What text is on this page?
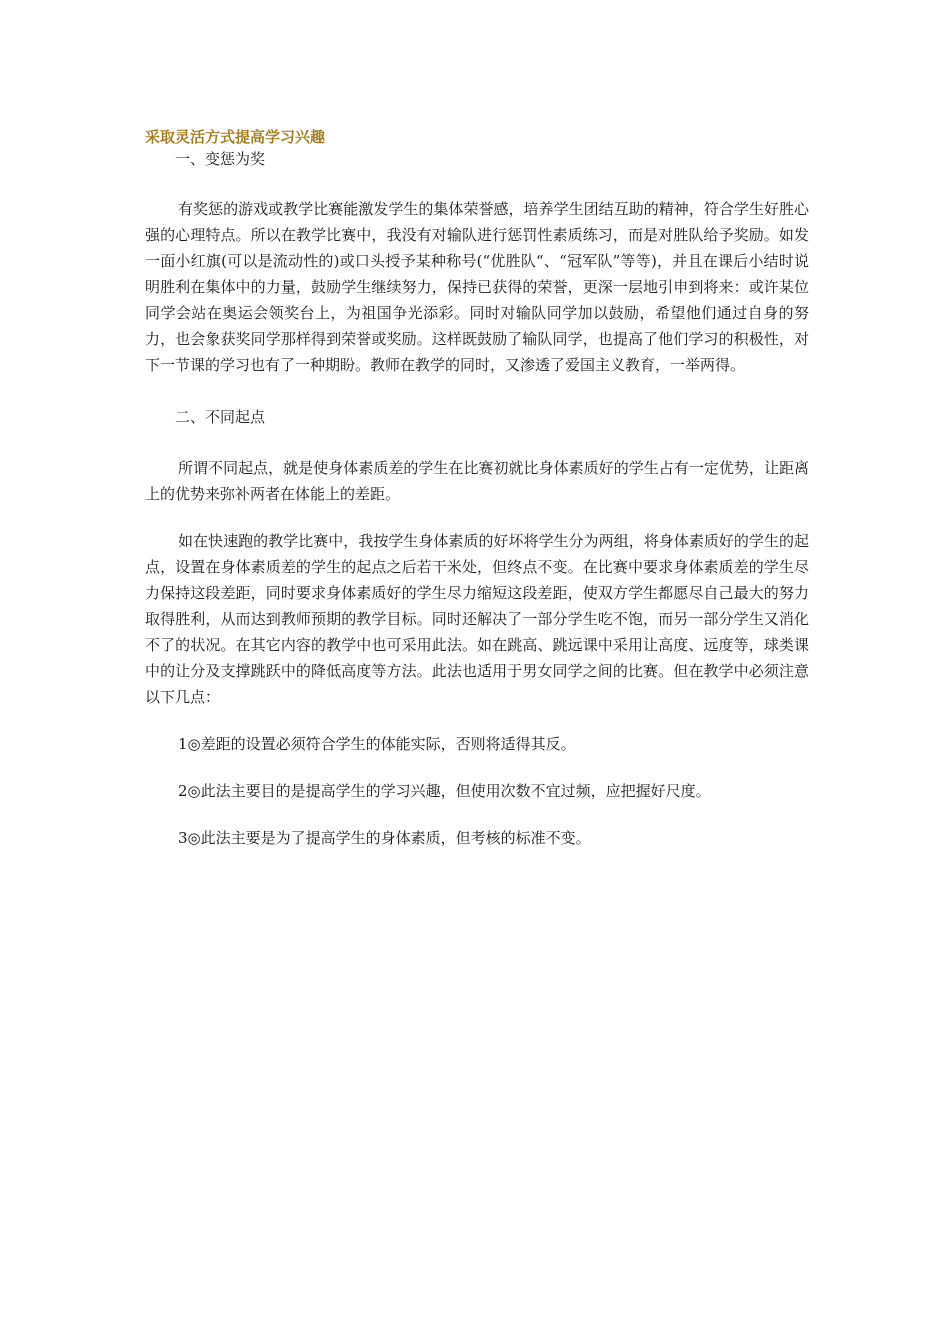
采取灵活方式提高学习兴趣

一、变惩为奖

有奖惩的游戏或教学比赛能激发学生的集体荣誉感，培养学生团结互助的精神，符合学生好胜心强的心理特点。所以在教学比赛中，我没有对输队进行惩罚性素质练习，而是对胜队给予奖励。如发一面小红旗(可以是流动性的)或口头授予某种称号(“优胜队“、“冠军队”等等)，并且在课后小结时说明胜利在集体中的力量，鼓励学生继续努力，保持已获得的荣誉，更深一层地引申到将来：或许某位同学会站在奥运会领奖台上，为祖国争光添彩。同时对输队同学加以鼓励，希望他们通过自身的努力，也会象获奖同学那样得到荣誉或奖励。这样既鼓励了输队同学，也提高了他们学习的积极性，对下一节课的学习也有了一种期盼。教师在教学的同时，又渗透了爱国主义教育，一举两得。

二、不同起点

所谓不同起点，就是使身体素质差的学生在比赛初就比身体素质好的学生占有一定优势，让距离上的优势来弥补两者在体能上的差距。

如在快速跑的教学比赛中，我按学生身体素质的好坏将学生分为两组，将身体素质好的学生的起点，设置在身体素质差的学生的起点之后若干米处，但终点不变。在比赛中要求身体素质差的学生尽力保持这段差距，同时要求身体素质好的学生尽力缩短这段差距，使双方学生都愿尽自己最大的努力取得胜利，从而达到教师预期的教学目标。同时还解决了一部分学生吃不饱，而另一部分学生又消化不了的状况。在其它内容的教学中也可采用此法。如在跳高、跳远课中采用让高度、远度等，球类课中的让分及支撑跳跃中的降低高度等方法。此法也适用于男女同学之间的比赛。但在教学中必须注意以下几点：

1◎差距的设置必须符合学生的体能实际，否则将适得其反。

2◎此法主要目的是提高学生的学习兴趣，但使用次数不宜过频，应把握好尺度。

3◎此法主要是为了提高学生的身体素质，但考核的标准不变。
